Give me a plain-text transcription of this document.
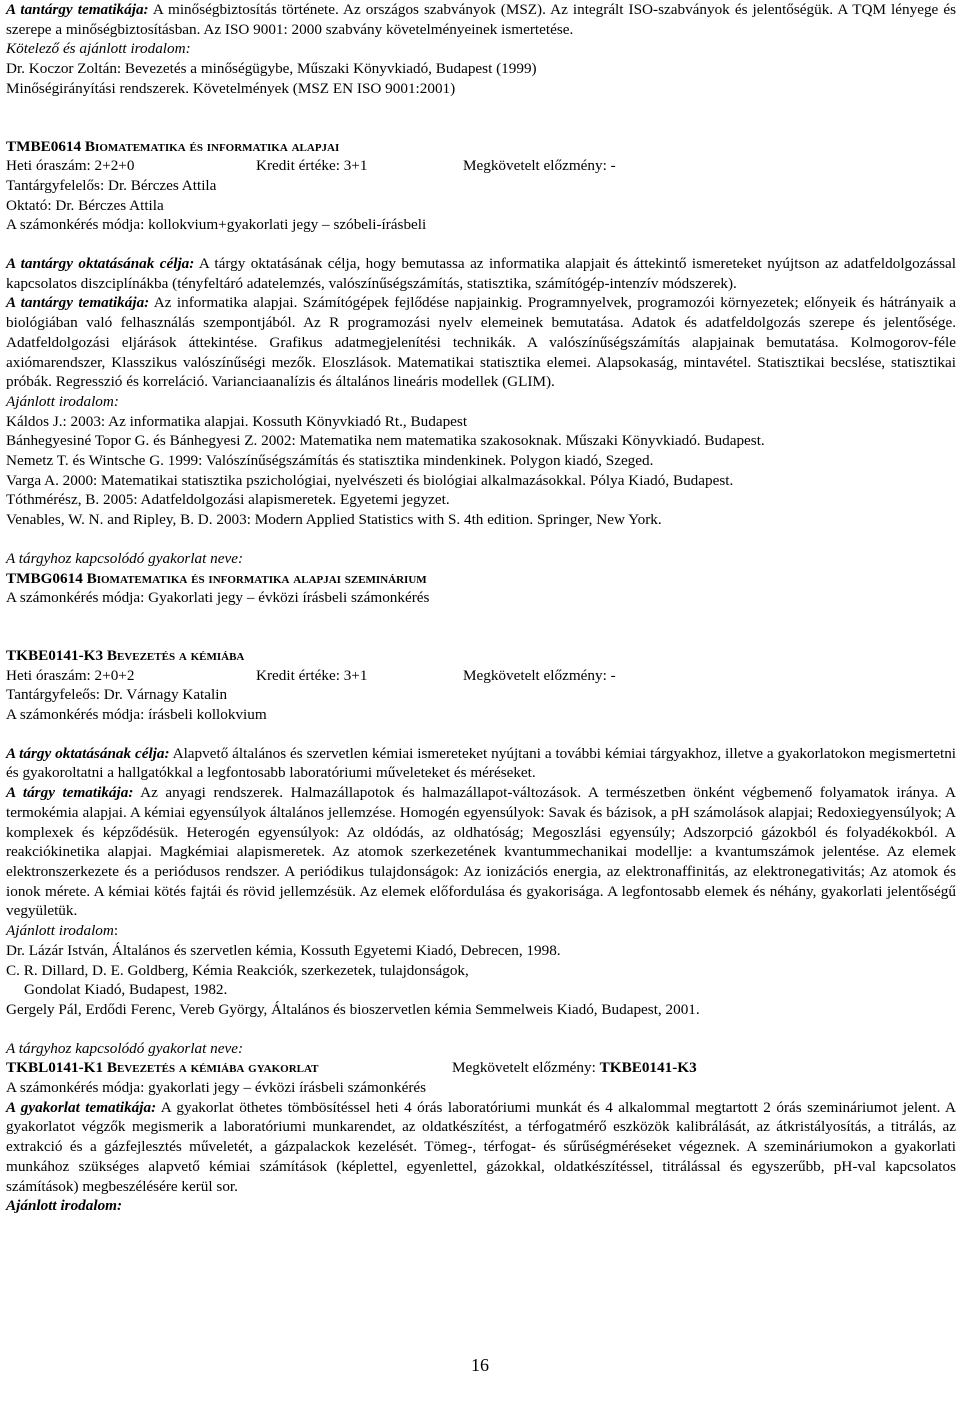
A tantárgy tematikája: A minőségbiztosítás története. Az országos szabványok (MSZ). Az integrált ISO-szabványok és jelentőségük. A TQM lényege és szerepe a minőségbiztosításban. Az ISO 9001: 2000 szabvány követelményeinek ismertetése.

Kötelező és ajánlott irodalom:

Dr. Koczor Zoltán: Bevezetés a minőségügybe, Műszaki Könyvkiadó, Budapest (1999)

Minőségirányítási rendszerek. Követelmények (MSZ EN ISO 9001:2001)

TMBE0614 Biomatematika és informatika alapjai

Heti óraszám: 2+2+0	Kredit értéke: 3+1	Megkövetelt előzmény: -

Tantárgyfelelős: Dr. Bérczes Attila

Oktató: Dr. Bérczes Attila

A számonkérés módja: kollokvium+gyakorlati jegy – szóbeli-írásbeli

A tantárgy oktatásának célja: A tárgy oktatásának célja, hogy bemutassa az informatika alapjait és áttekintő ismereteket nyújtson az adatfeldolgozással kapcsolatos diszciplínákba (tényfeltáró adatelemzés, valószínűségszámítás, statisztika, számítógép-intenzív módszerek).

A tantárgy tematikája: Az informatika alapjai. Számítógépek fejlődése napjainkig. Programnyelvek, programozói környezetek; előnyeik és hátrányaik a biológiában való felhasználás szempontjából. Az R programozási nyelv elemeinek bemutatása. Adatok és adatfeldolgozás szerepe és jelentősége. Adatfeldolgozási eljárások áttekintése. Grafikus adatmegjelenítési technikák. A valószínűségszámítás alapjainak bemutatása. Kolmogorov-féle axiómarendszer, Klasszikus valószínűségi mezők. Eloszlások. Matematikai statisztika elemei. Alapsokaság, mintavétel. Statisztikai becslése, statisztikai próbák. Regresszió és korreláció. Varianciaanalízis és általános lineáris modellek (GLIM).

Ajánlott irodalom:

Káldos J.: 2003: Az informatika alapjai. Kossuth Könyvkiadó Rt., Budapest

Bánhegyesiné Topor G. és Bánhegyesi Z. 2002: Matematika nem matematika szakosoknak. Műszaki Könyvkiadó. Budapest.

Nemetz T. és Wintsche G. 1999: Valószínűségszámítás és statisztika mindenkinek. Polygon kiadó, Szeged.

Varga A. 2000: Matematikai statisztika pszichológiai, nyelvészeti és biológiai alkalmazásokkal. Pólya Kiadó, Budapest.

Tóthmérész, B. 2005: Adatfeldolgozási alapismeretek. Egyetemi jegyzet.

Venables, W. N. and Ripley, B. D. 2003: Modern Applied Statistics with S. 4th edition. Springer, New York.

A tárgyhoz kapcsolódó gyakorlat neve:

TMBG0614 Biomatematika és informatika alapjai szeminárium

A számonkérés módja: Gyakorlati jegy – évközi írásbeli számonkérés

TKBE0141-K3 Bevezetés a kémiába

Heti óraszám: 2+0+2	Kredit értéke: 3+1	Megkövetelt előzmény: -

Tantárgyfeleős: Dr. Várnagy Katalin

A számonkérés módja: írásbeli kollokvium

A tárgy oktatásának célja: Alapvető általános és szervetlen kémiai ismereteket nyújtani a további kémiai tárgyakhoz, illetve a gyakorlatokon megismertetni és gyakoroltatni a hallgatókkal a legfontosabb laboratóriumi műveleteket és méréseket.

A tárgy tematikája: Az anyagi rendszerek. Halmazállapotok és halmazállapot-változások. A természetben önként végbemenő folyamatok iránya. A termokémia alapjai. A kémiai egyensúlyok általános jellemzése. Homogén egyensúlyok: Savak és bázisok, a pH számolások alapjai; Redoxiegyensúlyok; A komplexek és képződésük. Heterogén egyensúlyok: Az oldódás, az oldhatóság; Megoszlási egyensúly; Adszorpció gázokból és folyadékokból. A reakciókinetika alapjai. Magkémiai alapismeretek. Az atomok szerkezetének kvantummechanikai modellje: a kvantumszámok jelentése. Az elemek elektronszerkezete és a periódusos rendszer. A periódikus tulajdonságok: Az ionizációs energia, az elektronaffinitás, az elektronegativitás; Az atomok és ionok mérete. A kémiai kötés fajtái és rövid jellemzésük. Az elemek előfordulása és gyakorisága. A legfontosabb elemek és néhány, gyakorlati jelentőségű vegyületük.

Ajánlott irodalom:

Dr. Lázár István, Általános és szervetlen kémia, Kossuth Egyetemi Kiadó, Debrecen, 1998.

C. R. Dillard, D. E. Goldberg, Kémia Reakciók, szerkezetek, tulajdonságok,

Gondolat Kiadó, Budapest, 1982.

Gergely Pál, Erdődi Ferenc, Vereb György, Általános és bioszervetlen kémia Semmelweis Kiadó, Budapest, 2001.

A tárgyhoz kapcsolódó gyakorlat neve:

TKBL0141-K1 Bevezetés a kémiába gyakorlat	Megkövetelt előzmény: TKBE0141-K3

A számonkérés módja: gyakorlati jegy – évközi írásbeli számonkérés

A gyakorlat tematikája: A gyakorlat öthetes tömbösítéssel heti 4 órás laboratóriumi munkát és 4 alkalommal megtartott 2 órás szemináriumot jelent. A gyakorlatot végzők megismerik a laboratóriumi munkarendet, az oldatkészítést, a térfogatmérő eszközök kalibrálását, az átkristályosítás, a titrálás, az extrakció és a gázfejlesztés műveletét, a gázpalackok kezelését. Tömeg-, térfogat- és sűrűségméréseket végeznek. A szemináriumokon a gyakorlati munkához szükséges alapvető kémiai számítások (képlettel, egyenlettel, gázokkal, oldatkészítéssel, titrálással és egyszerűbb, pH-val kapcsolatos számítások) megbeszélésére kerül sor.

Ajánlott irodalom:

16
